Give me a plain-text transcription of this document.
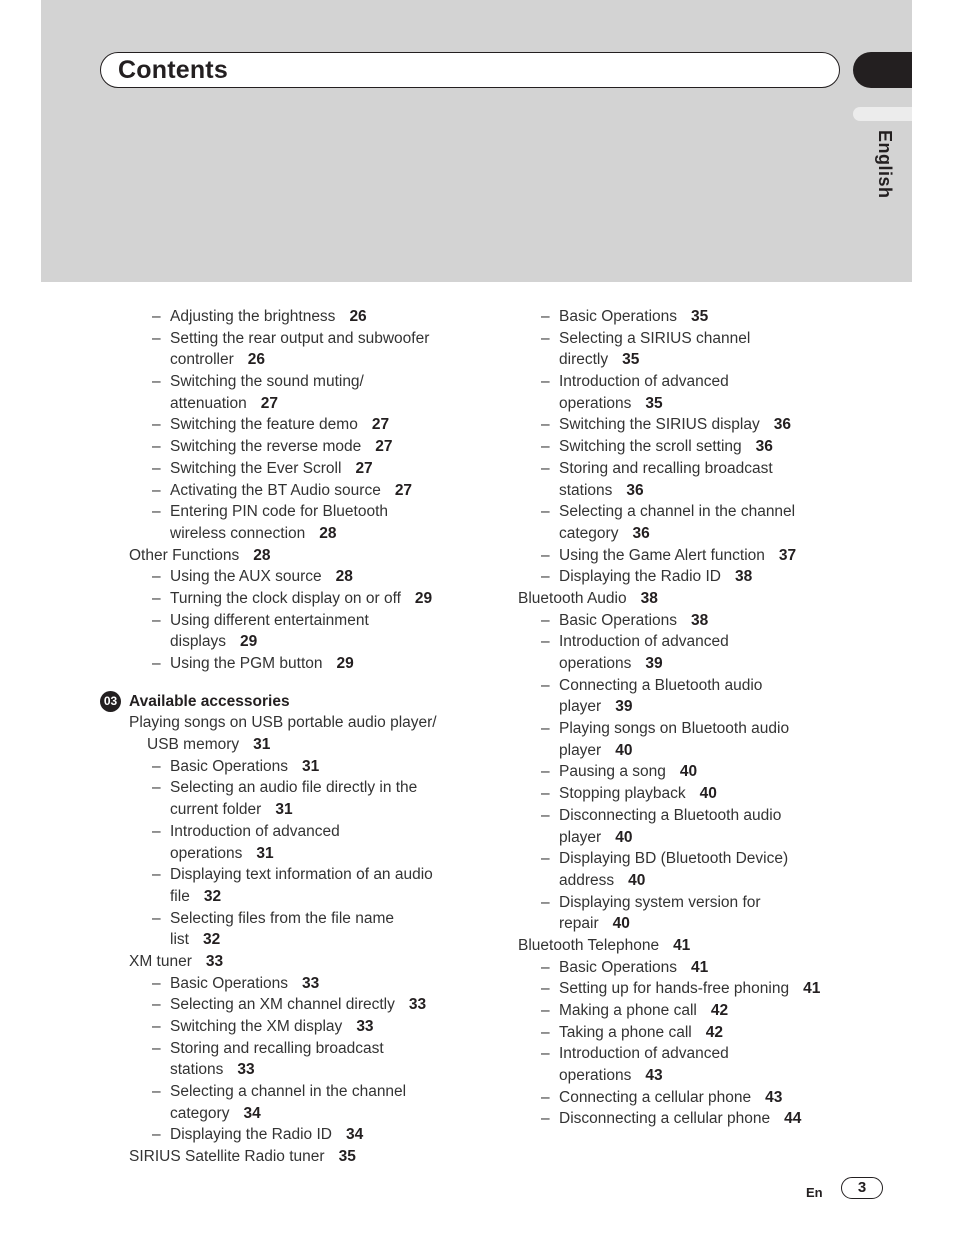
Contents
English
– Adjusting the brightness 26
– Setting the rear output and subwoofer
controller 26
– Switching the sound muting/
attenuation 27
– Switching the feature demo 27
– Switching the reverse mode 27
– Switching the Ever Scroll 27
– Activating the BT Audio source 27
– Entering PIN code for Bluetooth
wireless connection 28
Other Functions 28
– Using the AUX source 28
– Turning the clock display on or off 29
– Using different entertainment
displays 29
– Using the PGM button 29
03 Available accessories
Playing songs on USB portable audio player/
USB memory 31
– Basic Operations 31
– Selecting an audio file directly in the
current folder 31
– Introduction of advanced
operations 31
– Displaying text information of an audio
file 32
– Selecting files from the file name
list 32
XM tuner 33
– Basic Operations 33
– Selecting an XM channel directly 33
– Switching the XM display 33
– Storing and recalling broadcast
stations 33
– Selecting a channel in the channel
category 34
– Displaying the Radio ID 34
SIRIUS Satellite Radio tuner 35
– Basic Operations 35
– Selecting a SIRIUS channel
directly 35
– Introduction of advanced
operations 35
– Switching the SIRIUS display 36
– Switching the scroll setting 36
– Storing and recalling broadcast
stations 36
– Selecting a channel in the channel
category 36
– Using the Game Alert function 37
– Displaying the Radio ID 38
Bluetooth Audio 38
– Basic Operations 38
– Introduction of advanced
operations 39
– Connecting a Bluetooth audio
player 39
– Playing songs on Bluetooth audio
player 40
– Pausing a song 40
– Stopping playback 40
– Disconnecting a Bluetooth audio
player 40
– Displaying BD (Bluetooth Device)
address 40
– Displaying system version for
repair 40
Bluetooth Telephone 41
– Basic Operations 41
– Setting up for hands-free phoning 41
– Making a phone call 42
– Taking a phone call 42
– Introduction of advanced
operations 43
– Connecting a cellular phone 43
– Disconnecting a cellular phone 44
En	3
